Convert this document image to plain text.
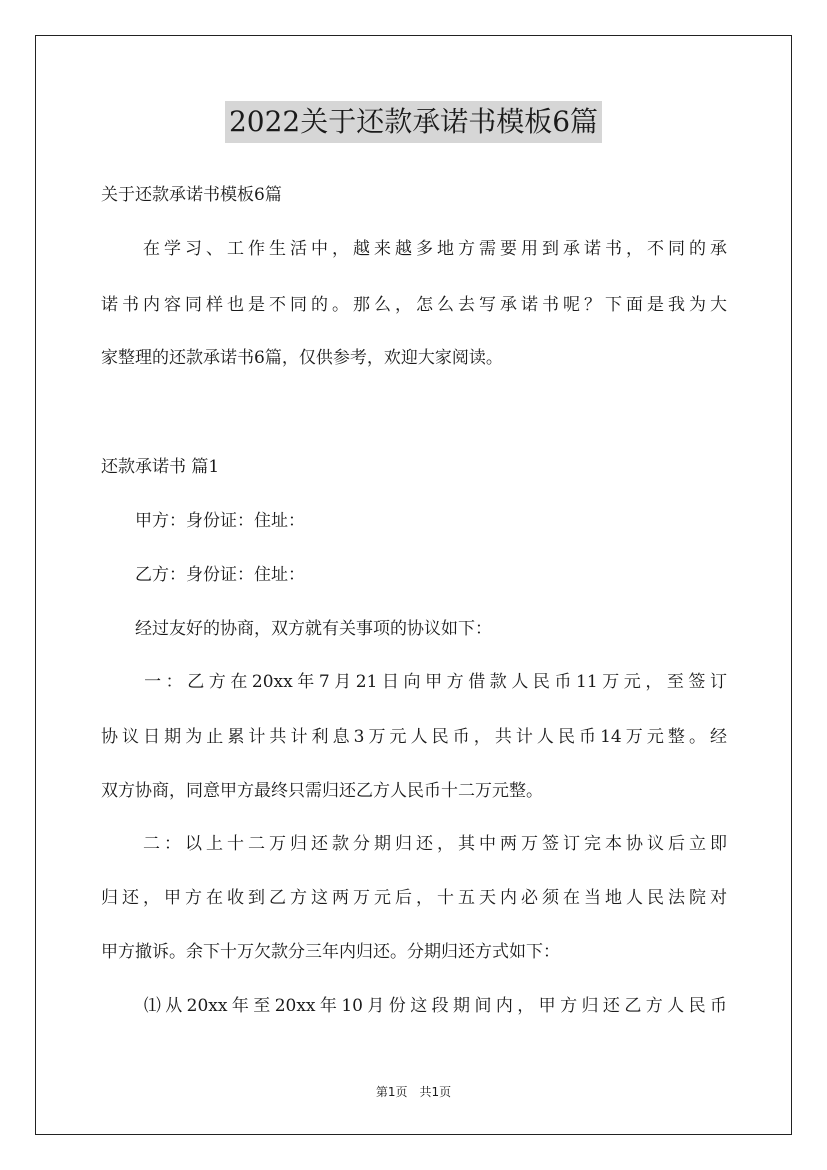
2022关于还款承诺书模板6篇
关于还款承诺书模板6篇
　　在学习、工作生活中，越来越多地方需要用到承诺书，不同的承
诺书内容同样也是不同的。那么，怎么去写承诺书呢？下面是我为大
家整理的还款承诺书6篇，仅供参考，欢迎大家阅读。
还款承诺书 篇1
　　甲方：身份证：住址：
　　乙方：身份证：住址：
　　经过友好的协商，双方就有关事项的协议如下：
　　一：乙方在20xx年7月21日向甲方借款人民币11万元，至签订
协议日期为止累计共计利息3万元人民币，共计人民币14万元整。经
双方协商，同意甲方最终只需归还乙方人民币十二万元整。
　　二：以上十二万归还款分期归还，其中两万签订完本协议后立即
归还，甲方在收到乙方这两万元后，十五天内必须在当地人民法院对
甲方撤诉。余下十万欠款分三年内归还。分期归还方式如下：
　　⑴从20xx年至20xx年10月份这段期间内，甲方归还乙方人民币
第1页　共1页
